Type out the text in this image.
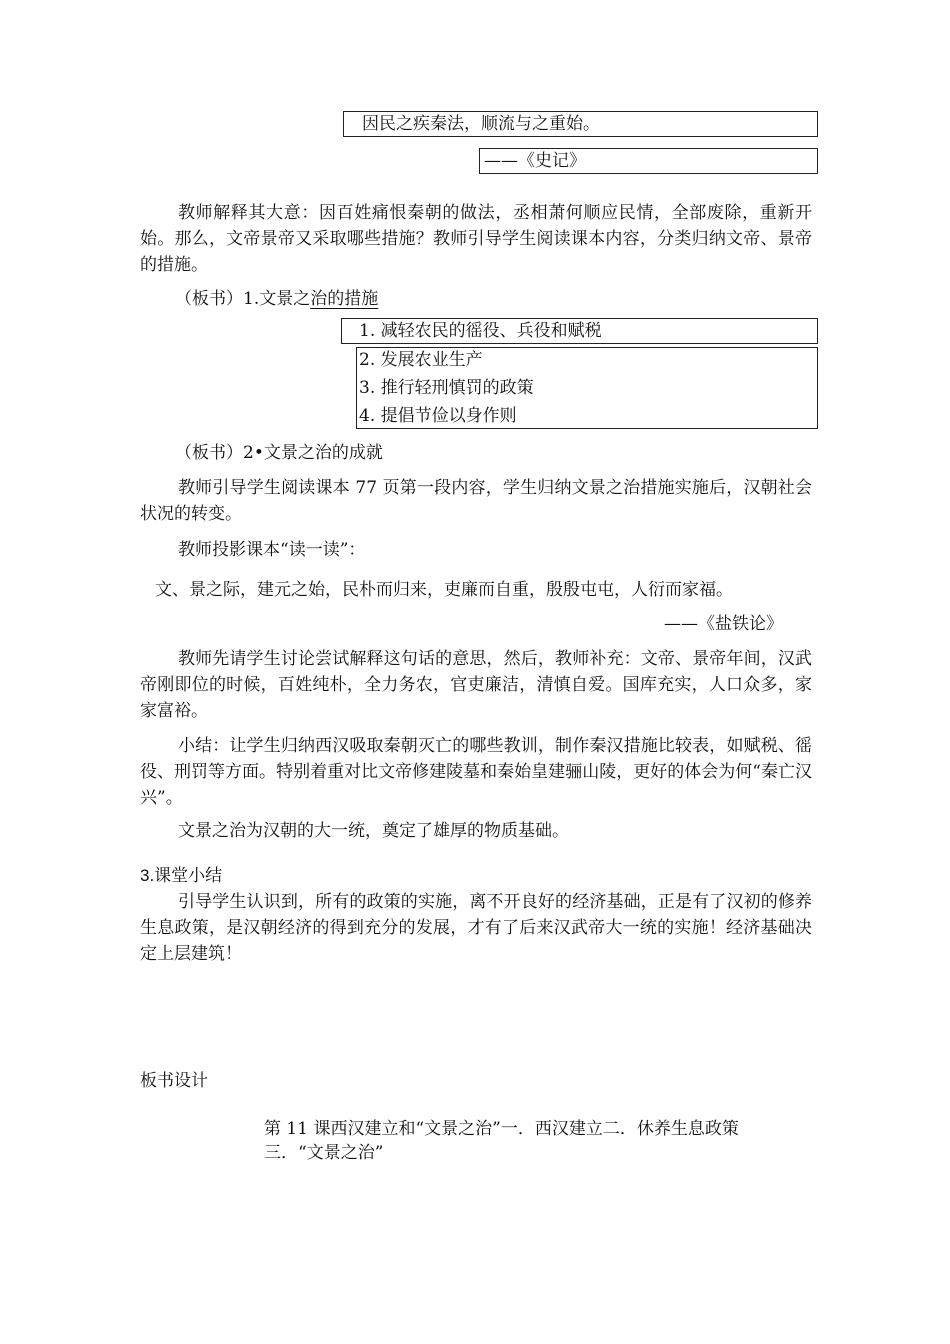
因民之疾秦法，顺流与之重始。
——《史记》
教师解释其大意：因百姓痛恨秦朝的做法，丞相萧何顺应民情，全部废除，重新开始。那么，文帝景帝又采取哪些措施？教师引导学生阅读课本内容，分类归纳文帝、景帝的措施。
（板书）1.文景之治的措施
1. 减轻农民的徭役、兵役和赋税
2. 发展农业生产
3. 推行轻刑慎罚的政策
4. 提倡节俭以身作则
（板书）2•文景之治的成就
教师引导学生阅读课本 77 页第一段内容，学生归纳文景之治措施实施后，汉朝社会状况的转变。
教师投影课本“读一读”：
文、景之际，建元之始，民朴而归来，吏廉而自重，殷殷屯屯，人衍而家福。
——《盐铁论》
教师先请学生讨论尝试解释这句话的意思，然后，教师补充：文帝、景帝年间，汉武帝刚即位的时候，百姓纯朴，全力务农，官吏廉洁，清慎自爱。国库充实，人口众多，家家富裕。
小结：让学生归纳西汉吸取秦朝灭亡的哪些教训，制作秦汉措施比较表，如赋税、徭役、刑罚等方面。特别着重对比文帝修建陵墓和秦始皇建骊山陵，更好的体会为何“秦亡汉兴”。
文景之治为汉朝的大一统，奠定了雄厚的物质基础。
3.课堂小结
引导学生认识到，所有的政策的实施，离不开良好的经济基础，正是有了汉初的修养生息政策，是汉朝经济的得到充分的发展，才有了后来汉武帝大一统的实施！经济基础决定上层建筑！
板书设计
第 11 课西汉建立和“文景之治”一．西汉建立二．休养生息政策
三．“文景之治”
